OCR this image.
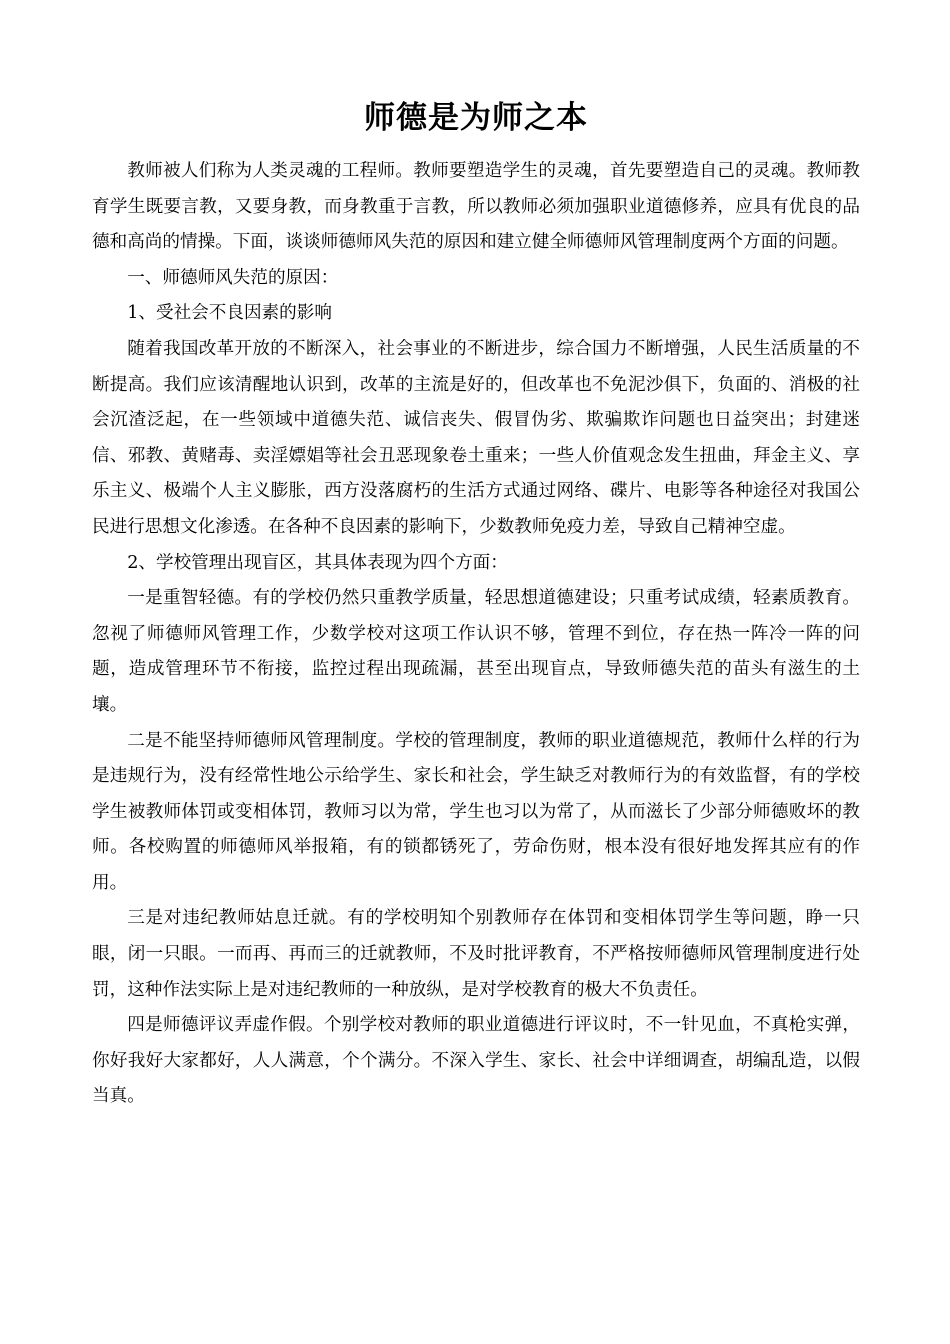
师德是为师之本

教师被人们称为人类灵魂的工程师。教师要塑造学生的灵魂，首先要塑造自己的灵魂。教师教育学生既要言教，又要身教，而身教重于言教，所以教师必须加强职业道德修养，应具有优良的品德和高尚的情操。下面，谈谈师德师风失范的原因和建立健全师德师风管理制度两个方面的问题。

一、师德师风失范的原因：

1、受社会不良因素的影响

随着我国改革开放的不断深入，社会事业的不断进步，综合国力不断增强，人民生活质量的不断提高。我们应该清醒地认识到，改革的主流是好的，但改革也不免泥沙俱下，负面的、消极的社会沉渣泛起，在一些领域中道德失范、诚信丧失、假冒伪劣、欺骗欺诈问题也日益突出；封建迷信、邪教、黄赌毒、卖淫嫖娼等社会丑恶现象卷土重来；一些人价值观念发生扭曲，拜金主义、享乐主义、极端个人主义膨胀，西方没落腐朽的生活方式通过网络、碟片、电影等各种途径对我国公民进行思想文化渗透。在各种不良因素的影响下，少数教师免疫力差，导致自己精神空虚。

2、学校管理出现盲区，其具体表现为四个方面：

一是重智轻德。有的学校仍然只重教学质量，轻思想道德建设；只重考试成绩，轻素质教育。忽视了师德师风管理工作，少数学校对这项工作认识不够，管理不到位，存在热一阵冷一阵的问题，造成管理环节不衔接，监控过程出现疏漏，甚至出现盲点，导致师德失范的苗头有滋生的土壤。

二是不能坚持师德师风管理制度。学校的管理制度，教师的职业道德规范，教师什么样的行为是违规行为，没有经常性地公示给学生、家长和社会，学生缺乏对教师行为的有效监督，有的学校学生被教师体罚或变相体罚，教师习以为常，学生也习以为常了，从而滋长了少部分师德败坏的教师。各校购置的师德师风举报箱，有的锁都锈死了，劳命伤财，根本没有很好地发挥其应有的作用。

三是对违纪教师姑息迁就。有的学校明知个别教师存在体罚和变相体罚学生等问题，睁一只眼，闭一只眼。一而再、再而三的迁就教师，不及时批评教育，不严格按师德师风管理制度进行处罚，这种作法实际上是对违纪教师的一种放纵，是对学校教育的极大不负责任。

四是师德评议弄虚作假。个别学校对教师的职业道德进行评议时，不一针见血，不真枪实弹，你好我好大家都好，人人满意，个个满分。不深入学生、家长、社会中详细调查，胡编乱造，以假当真。
